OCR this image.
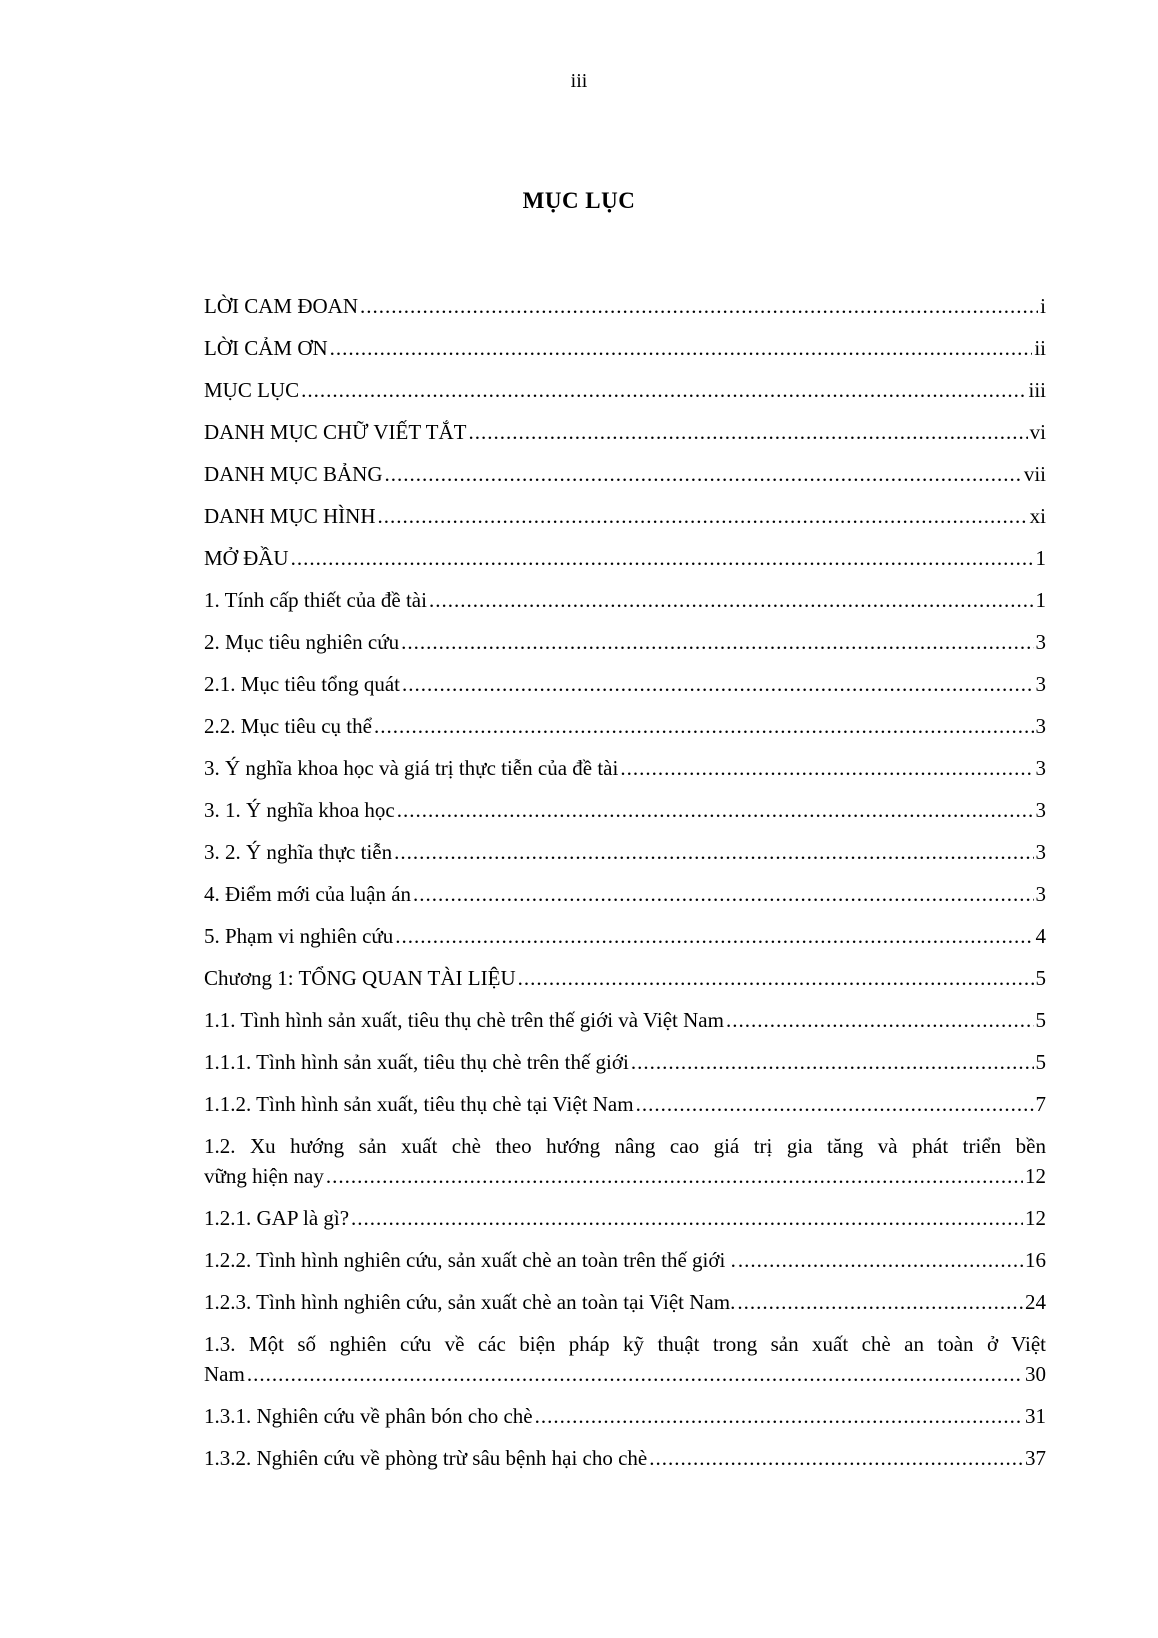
iii
MỤC LỤC
LỜI CAM ĐOAN .....	i
LỜI CẢM ƠN .....	ii
MỤC LỤC .....	iii
DANH MỤC CHỮ VIẾT TẮT .....	vi
DANH MỤC BẢNG .....	vii
DANH MỤC HÌNH .....	xi
MỞ ĐẦU .....	1
1. Tính cấp thiết của đề tài .....	1
2. Mục tiêu nghiên cứu .....	3
2.1. Mục tiêu tổng quát .....	3
2.2. Mục tiêu cụ thể .....	3
3. Ý nghĩa khoa học và giá trị thực tiễn của đề tài .....	3
3. 1. Ý nghĩa khoa học .....	3
3. 2. Ý nghĩa thực tiễn .....	3
4. Điểm mới của luận án .....	3
5. Phạm vi nghiên cứu .....	4
Chương 1: TỔNG QUAN TÀI LIỆU .....	5
1.1. Tình hình sản xuất, tiêu thụ chè trên thế giới và Việt Nam .....	5
1.1.1. Tình hình sản xuất, tiêu thụ chè trên thế giới .....	5
1.1.2. Tình hình sản xuất, tiêu thụ chè tại Việt Nam .....	7
1.2. Xu hướng sản xuất chè theo hướng nâng cao giá trị gia tăng và phát triển bền
vững hiện nay .....	12
1.2.1. GAP là gì? .....	12
1.2.2. Tình hình nghiên cứu, sản xuất chè an toàn trên thế giới . .....	16
1.2.3. Tình hình nghiên cứu, sản xuất chè an toàn tại Việt Nam. .....	24
1.3. Một số nghiên cứu về các biện pháp kỹ thuật trong sản xuất chè an toàn ở Việt
Nam .....	30
1.3.1. Nghiên cứu về phân bón cho chè .....	31
1.3.2. Nghiên cứu về phòng trừ sâu bệnh hại cho chè .....	37
